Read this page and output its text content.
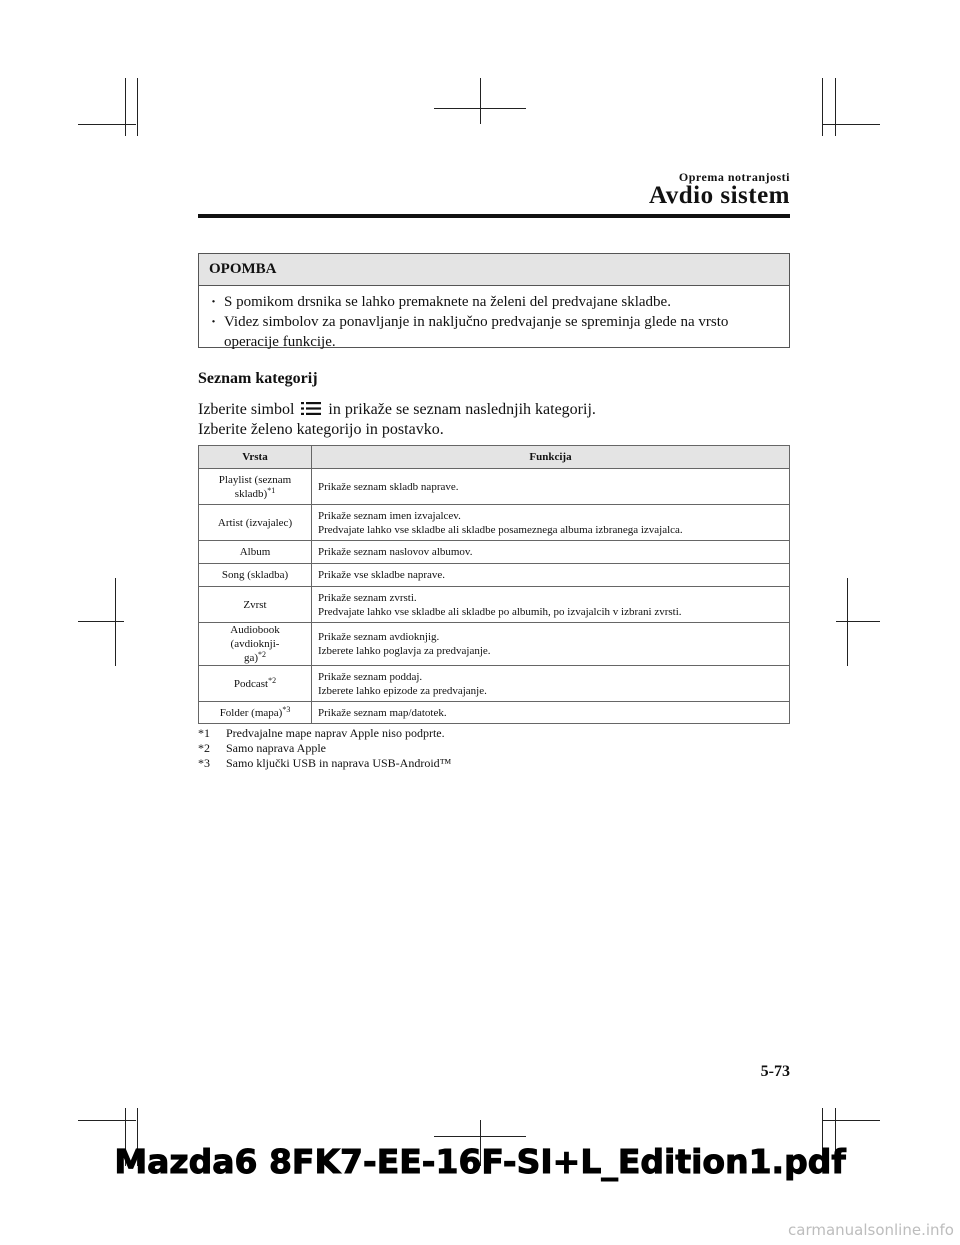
Oprema notranjosti
Avdio sistem
OPOMBA
· S pomikom drsnika se lahko premaknete na želeni del predvajane skladbe.
· Videz simbolov za ponavljanje in naključno predvajanje se spreminja glede na vrsto
operacije funkcije.
Seznam kategorij
Izberite simbol in prikaže se seznam naslednjih kategorij.
Izberite želeno kategorijo in postavko.
Vrsta	Funkcija
Playlist (seznam
skladb)$^{*1}$	Prikaže seznam skladb naprave.
Artist (izvajalec)	Prikaže seznam imen izvajalcev.
Predvajate lahko vse skladbe ali skladbe posameznega albuma izbranega izvajalca.
Album	Prikaže seznam naslovov albumov.
Song (skladba)	Prikaže vse skladbe naprave.
Zvrst	Prikaže seznam zvrsti.
Predvajate lahko vse skladbe ali skladbe po albumih, po izvajalcih v izbrani zvrsti.
Audiobook (avdioknji-
ga)$^{*2}$	Prikaže seznam avdioknjig.
Izberete lahko poglavja za predvajanje.
Podcast$^{*2}$	Prikaže seznam poddaj.
Izberete lahko epizode za predvajanje.
Folder (mapa)$^{*3}$	Prikaže seznam map/datotek.
*1 Predvajalne mape naprav Apple niso podprte.
*2 Samo naprava Apple
*3 Samo ključki USB in naprava USB-Android™
5-73
Mazda6 8FK7-EE-16F-SI+L_Edition1.pdf
carmanualsonline.info
